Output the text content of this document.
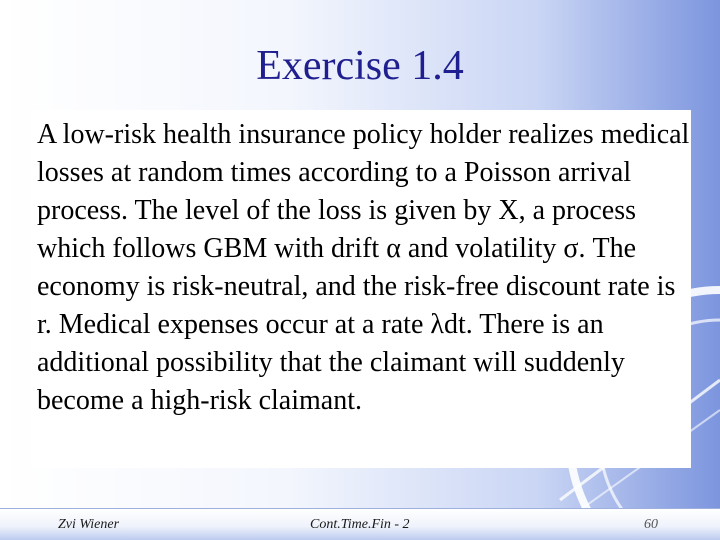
Exercise 1.4

A low-risk health insurance policy holder realizes medical losses at random times according to a Poisson arrival process. The level of the loss is given by X, a process which follows GBM with drift α and volatility σ. The economy is risk-neutral, and the risk-free discount rate is r. Medical expenses occur at a rate λdt. There is an additional possibility that the claimant will suddenly become a high-risk claimant.

Zvi Wiener	Cont.Time.Fin - 2	60
